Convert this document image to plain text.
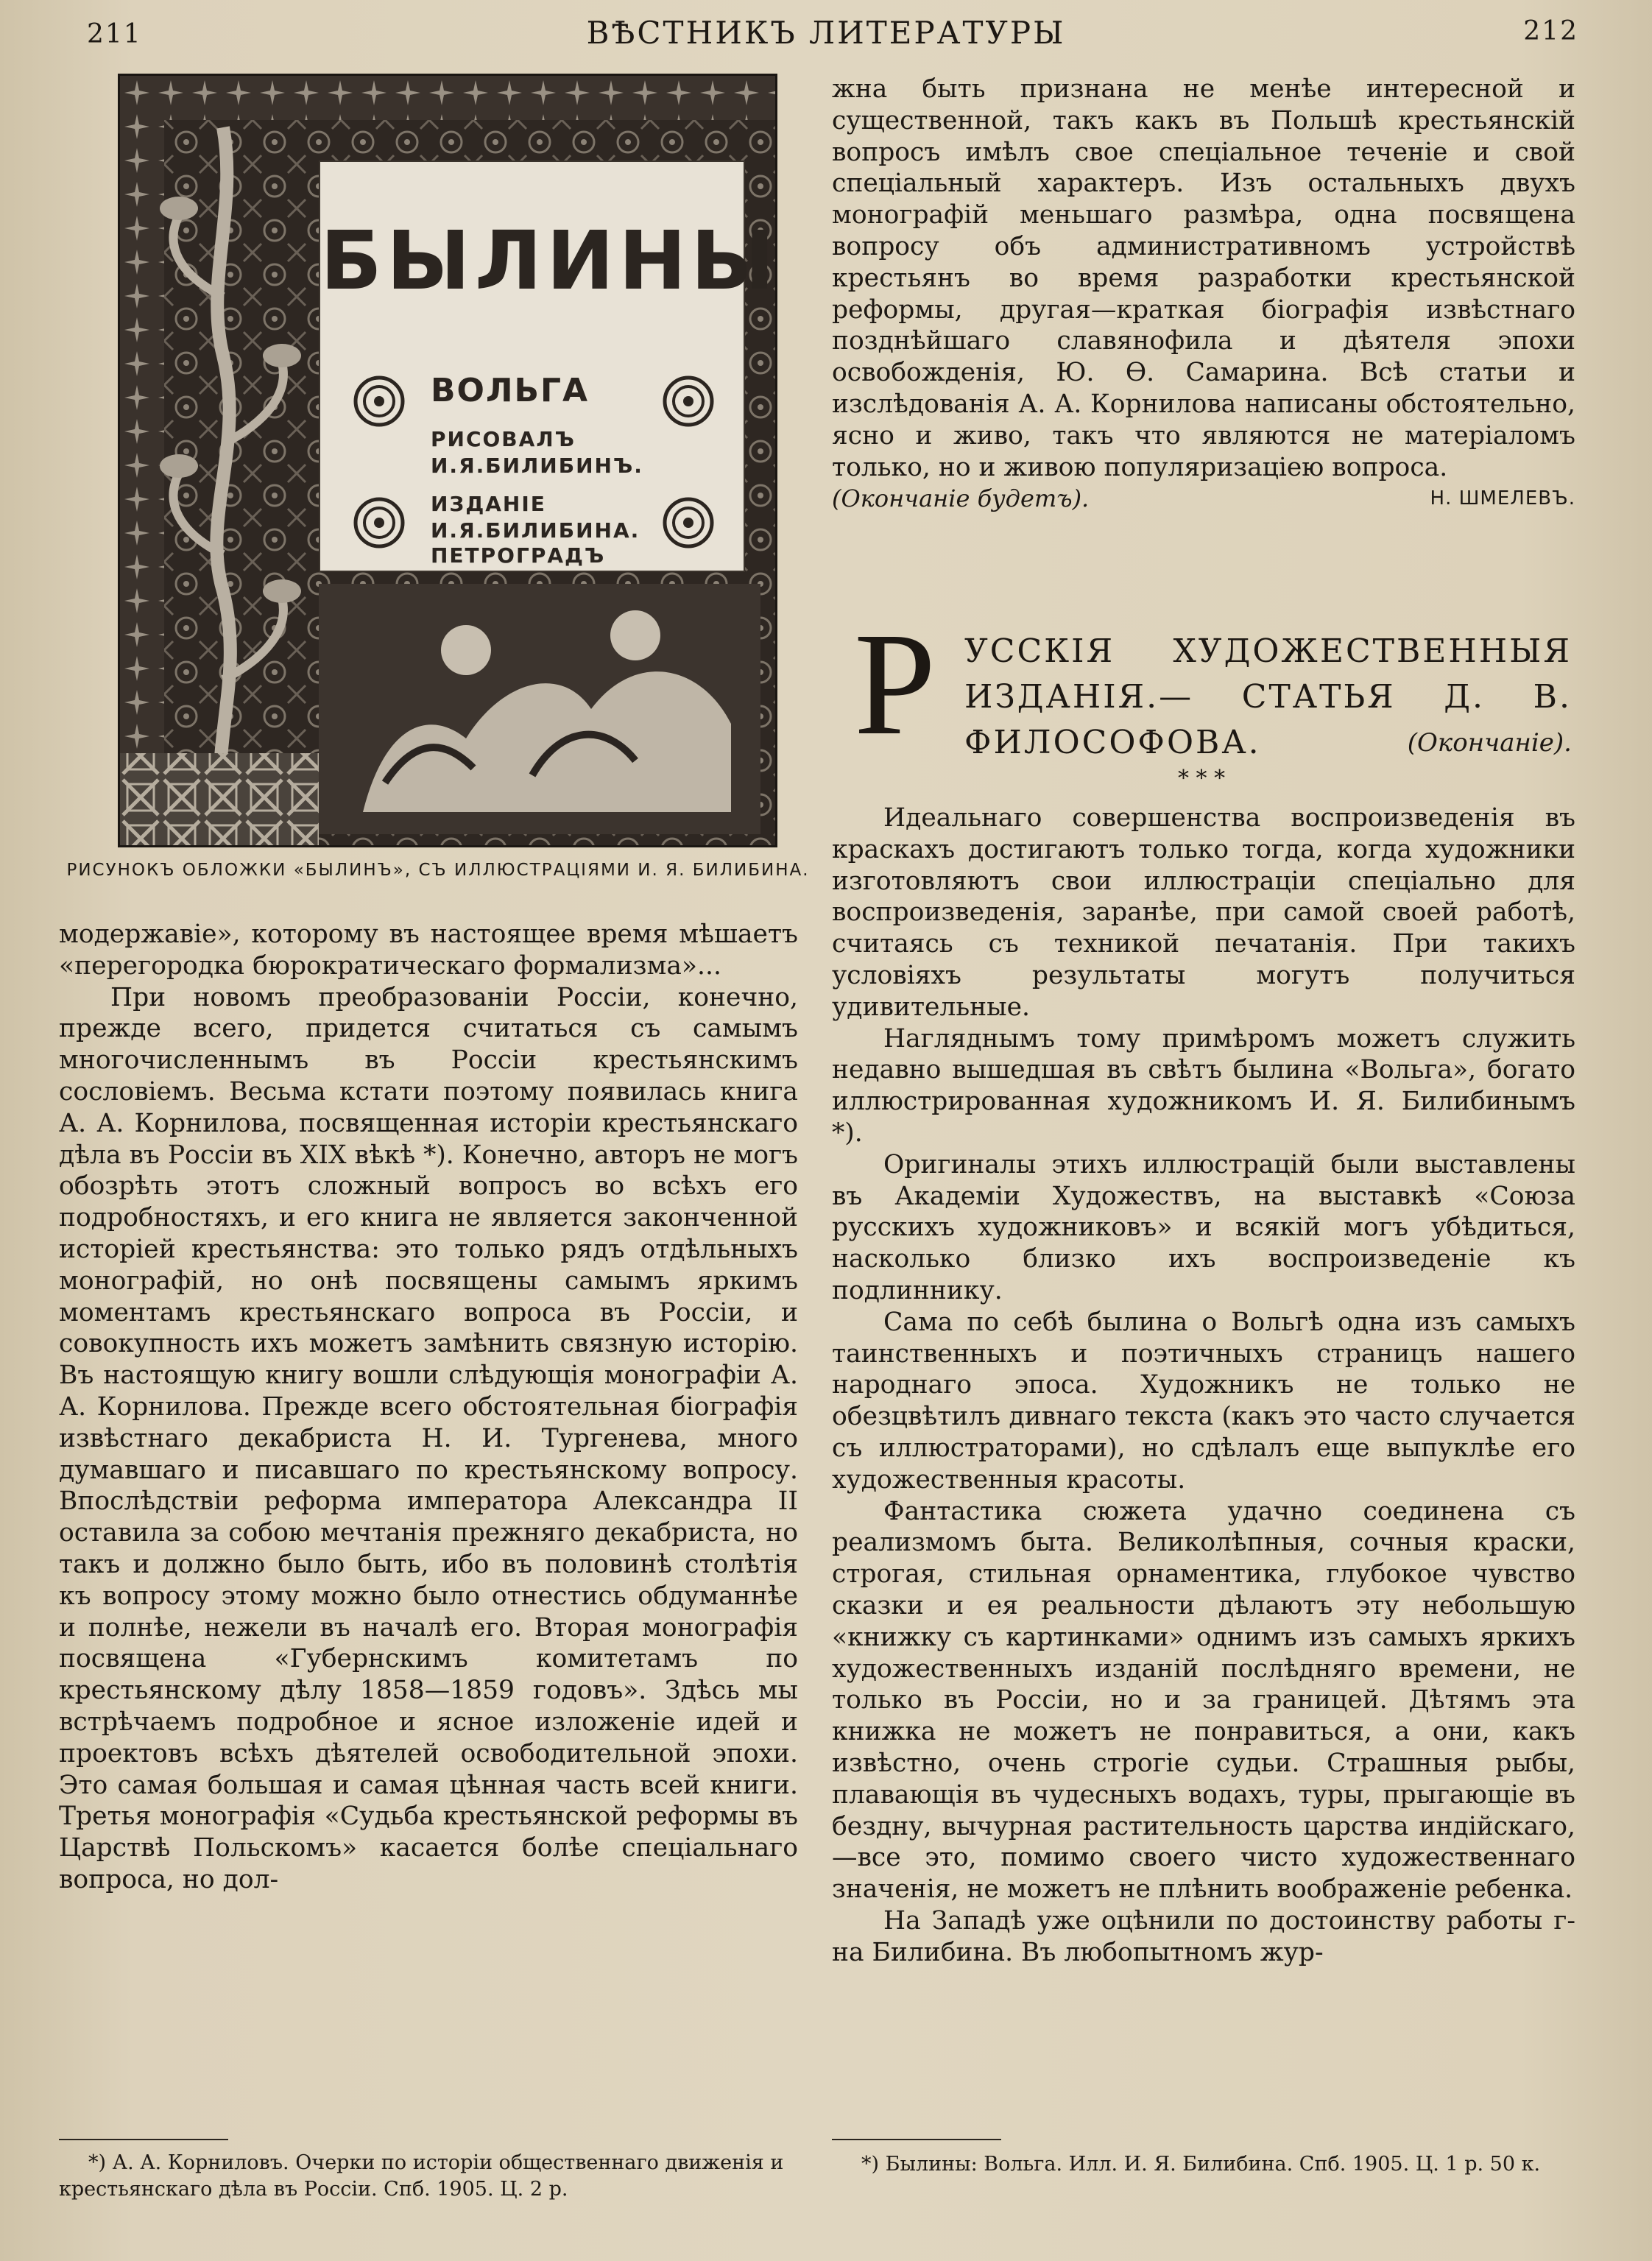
211	ВѢСТНИКЪ ЛИТЕРАТУРЫ	212
БЫЛИНЫ
ВОЛЬГА
РИСОВАЛЪ
И.Я.БИЛИБИНЪ.
ИЗДАНІЕ
И.Я.БИЛИБИНА.
ПЕТРОГРАДЪ
РИСУНОКЪ ОБЛОЖКИ «БЫЛИНЪ», СЪ ИЛЛЮСТРАЦІЯМИ И. Я. БИЛИБИНА.

модержавіе», которому въ настоящее время мѣшаетъ «перегородка бюрократическаго формализма»...

При новомъ преобразованіи Россіи, конечно, прежде всего, придется считаться съ самымъ многочисленнымъ въ Россіи крестьянскимъ сословіемъ. Весьма кстати поэтому появилась книга А. А. Корнилова, посвященная исторіи крестьянскаго дѣла въ Россіи въ XIX вѣкѣ *). Конечно, авторъ не могъ обозрѣть этотъ сложный вопросъ во всѣхъ его подробностяхъ, и его книга не является законченной исторіей крестьянства: это только рядъ отдѣльныхъ монографій, но онѣ посвящены самымъ яркимъ моментамъ крестьянскаго вопроса въ Россіи, и совокупность ихъ можетъ замѣнить связную исторію. Въ настоящую книгу вошли слѣдующія монографіи А. А. Корнилова. Прежде всего обстоятельная біографія извѣстнаго декабриста Н. И. Тургенева, много думавшаго и писавшаго по крестьянскому вопросу. Впослѣдствіи реформа императора Александра II оставила за собою мечтанія прежняго декабриста, но такъ и должно было быть, ибо въ половинѣ столѣтія къ вопросу этому можно было отнестись обдуманнѣе и полнѣе, нежели въ началѣ его. Вторая монографія посвящена «Губернскимъ комитетамъ по крестьянскому дѣлу 1858—1859 годовъ». Здѣсь мы встрѣчаемъ подробное и ясное изложеніе идей и проектовъ всѣхъ дѣятелей освободительной эпохи. Это самая большая и самая цѣнная часть всей книги. Третья монографія «Судьба крестьянской реформы въ Царствѣ Польскомъ» касается болѣе спеціальнаго вопроса, но дол-

жна быть признана не менѣе интересной и существенной, такъ какъ въ Польшѣ крестьянскій вопросъ имѣлъ свое спеціальное теченіе и свой спеціальный характеръ. Изъ остальныхъ двухъ монографій меньшаго размѣра, одна посвящена вопросу объ административномъ устройствѣ крестьянъ во время разработки крестьянской реформы, другая—краткая біографія извѣстнаго позднѣйшаго славянофила и дѣятеля эпохи освобожденія, Ю. Ѳ. Самарина. Всѣ статьи и изслѣдованія А. А. Корнилова написаны обстоятельно, ясно и живо, такъ что являются не матеріаломъ только, но и живою популяризаціею вопроса.
Н. ШМЕЛЕВЪ.

(Окончаніе будетъ).

Р УССКІЯ ХУДОЖЕСТВЕННЫЯ ИЗДАНІЯ.— СТАТЬЯ Д. В. ФИЛОСОФОВА.	(Окончаніе).
* * *

Идеальнаго совершенства воспроизведенія въ краскахъ достигаютъ только тогда, когда художники изготовляютъ свои иллюстраціи спеціально для воспроизведенія, заранѣе, при самой своей работѣ, считаясь съ техникой печатанія. При такихъ условіяхъ результаты могутъ получиться удивительные.

Нагляднымъ тому примѣромъ можетъ служить недавно вышедшая въ свѣтъ былина «Вольга», богато иллюстрированная художникомъ И. Я. Билибинымъ *).

Оригиналы этихъ иллюстрацій были выставлены въ Академіи Художествъ, на выставкѣ «Союза русскихъ художниковъ» и всякій могъ убѣдиться, насколько близко ихъ воспроизведеніе къ подлиннику.

Сама по себѣ былина о Вольгѣ одна изъ самыхъ таинственныхъ и поэтичныхъ страницъ нашего народнаго эпоса. Художникъ не только не обезцвѣтилъ дивнаго текста (какъ это часто случается съ иллюстраторами), но сдѣлалъ еще выпуклѣе его художественныя красоты.

Фантастика сюжета удачно соединена съ реализмомъ быта. Великолѣпныя, сочныя краски, строгая, стильная орнаментика, глубокое чувство сказки и ея реальности дѣлаютъ эту небольшую «книжку съ картинками» однимъ изъ самыхъ яркихъ художественныхъ изданій послѣдняго времени, не только въ Россіи, но и за границей. Дѣтямъ эта книжка не можетъ не понравиться, а они, какъ извѣстно, очень строгіе судьи. Страшныя рыбы, плавающія въ чудесныхъ водахъ, туры, прыгающіе въ бездну, вычурная растительность царства индійскаго,—все это, помимо своего чисто художественнаго значенія, не можетъ не плѣнить воображеніе ребенка.

На Западѣ уже оцѣнили по достоинству работы г-на Билибина. Въ любопытномъ жур-

*) А. А. Корниловъ. Очерки по исторіи общественнаго движенія и крестьянскаго дѣла въ Россіи. Спб. 1905. Ц. 2 р.
*) Былины: Вольга. Илл. И. Я. Билибина. Спб. 1905. Ц. 1 р. 50 к.
